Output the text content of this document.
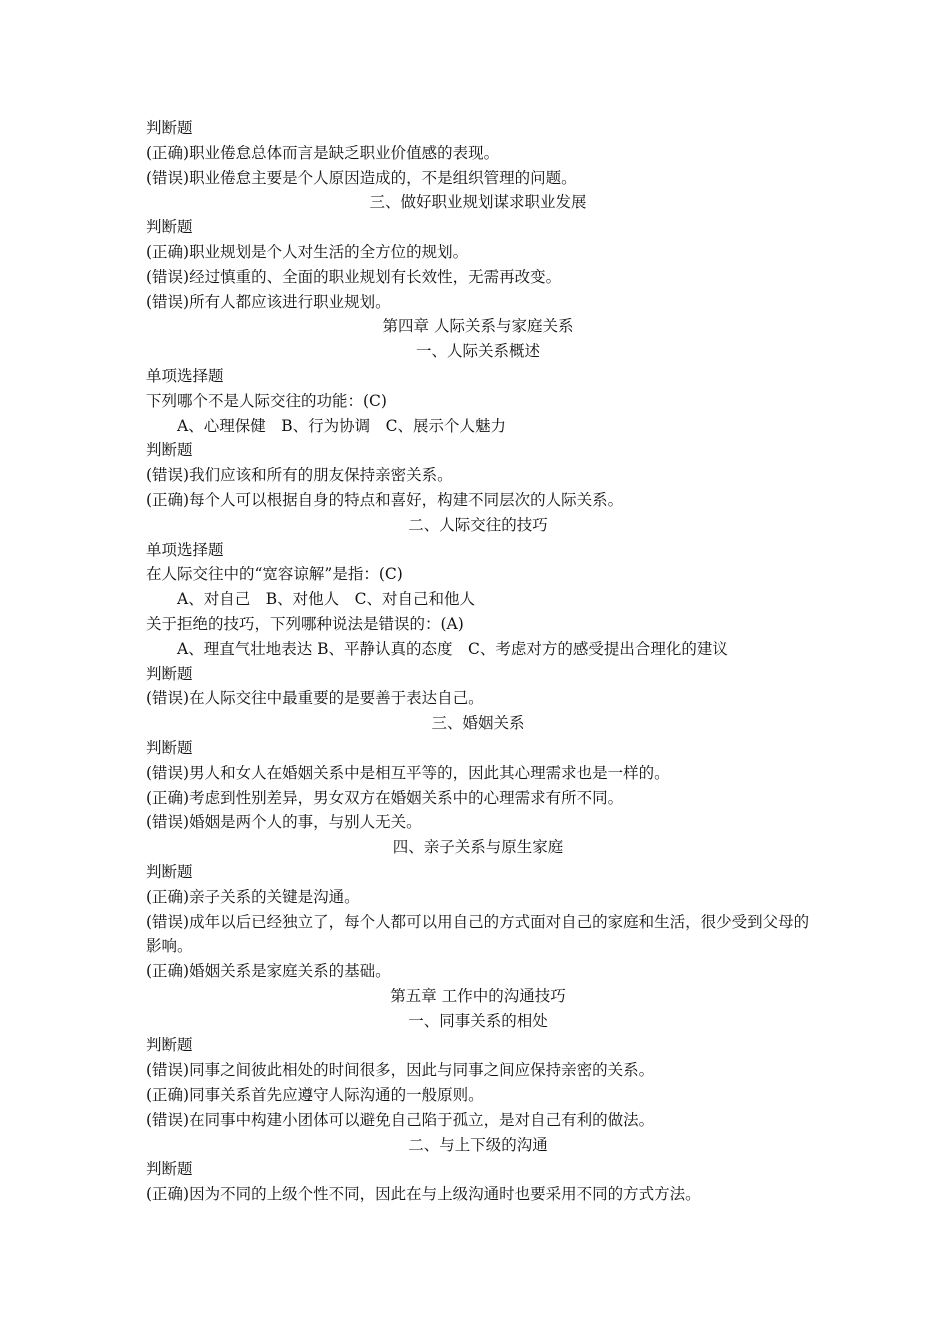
判断题
(正确)职业倦怠总体而言是缺乏职业价值感的表现。
(错误)职业倦怠主要是个人原因造成的，不是组织管理的问题。
三、做好职业规划谋求职业发展
判断题
(正确)职业规划是个人对生活的全方位的规划。
(错误)经过慎重的、全面的职业规划有长效性，无需再改变。
(错误)所有人都应该进行职业规划。
第四章 人际关系与家庭关系
一、人际关系概述
单项选择题
下列哪个不是人际交往的功能：(C)
A、心理保健　B、行为协调　C、展示个人魅力
判断题
(错误)我们应该和所有的朋友保持亲密关系。
(正确)每个人可以根据自身的特点和喜好，构建不同层次的人际关系。
二、人际交往的技巧
单项选择题
在人际交往中的“宽容谅解”是指：(C)
A、对自己　B、对他人　C、对自己和他人
关于拒绝的技巧，下列哪种说法是错误的：(A)
A、理直气壮地表达 B、平静认真的态度　C、考虑对方的感受提出合理化的建议
判断题
(错误)在人际交往中最重要的是要善于表达自己。
三、婚姻关系
判断题
(错误)男人和女人在婚姻关系中是相互平等的，因此其心理需求也是一样的。
(正确)考虑到性别差异，男女双方在婚姻关系中的心理需求有所不同。
(错误)婚姻是两个人的事，与别人无关。
四、亲子关系与原生家庭
判断题
(正确)亲子关系的关键是沟通。
(错误)成年以后已经独立了，每个人都可以用自己的方式面对自己的家庭和生活，很少受到父母的影响。
(正确)婚姻关系是家庭关系的基础。
第五章 工作中的沟通技巧
一、同事关系的相处
判断题
(错误)同事之间彼此相处的时间很多，因此与同事之间应保持亲密的关系。
(正确)同事关系首先应遵守人际沟通的一般原则。
(错误)在同事中构建小团体可以避免自己陷于孤立，是对自己有利的做法。
二、与上下级的沟通
判断题
(正确)因为不同的上级个性不同，因此在与上级沟通时也要采用不同的方式方法。
